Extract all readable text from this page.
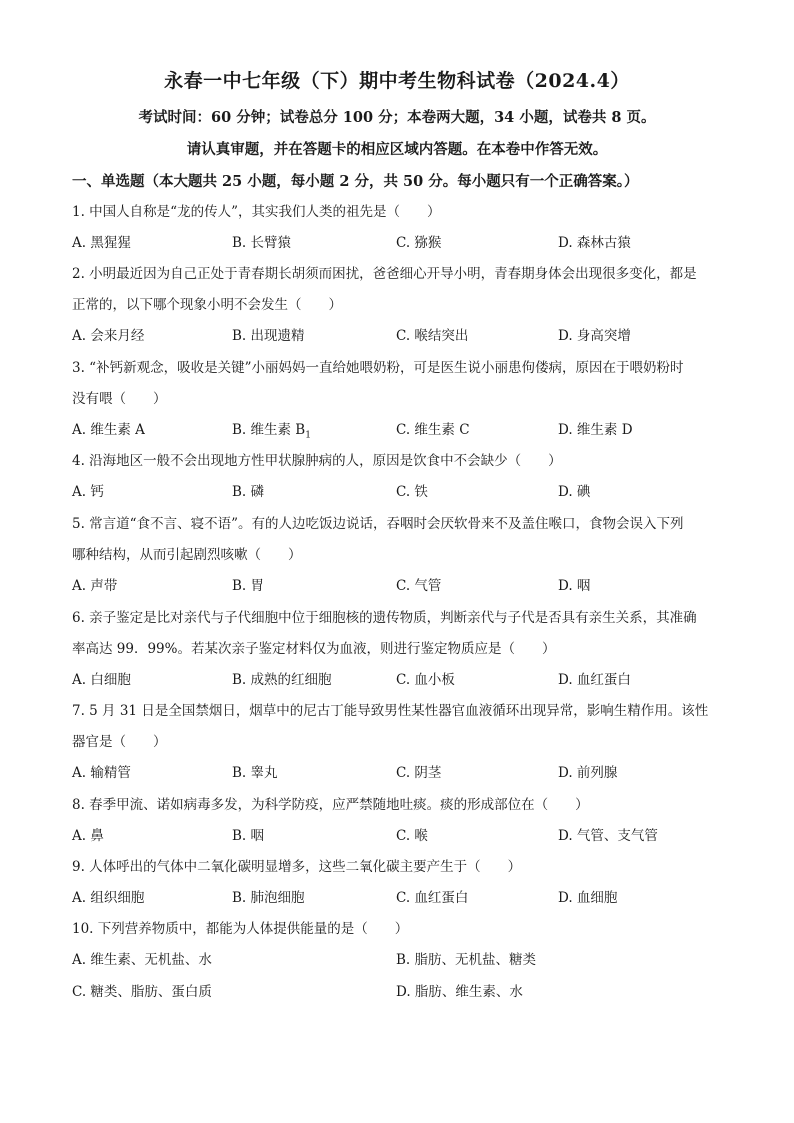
永春一中七年级（下）期中考生物科试卷（2024.4）
考试时间：60 分钟；试卷总分 100 分；本卷两大题，34 小题，试卷共 8 页。
请认真审题，并在答题卡的相应区域内答题。在本卷中作答无效。
一、单选题（本大题共 25 小题，每小题 2 分，共 50 分。每小题只有一个正确答案。）
1. 中国人自称是“龙的传人”，其实我们人类的祖先是（　　）
A. 黑猩猩	B. 长臂猿	C. 猕猴	D. 森林古猿
2. 小明最近因为自己正处于青春期长胡须而困扰，爸爸细心开导小明，青春期身体会出现很多变化，都是
正常的，以下哪个现象小明不会发生（　　）
A. 会来月经	B. 出现遗精	C. 喉结突出	D. 身高突增
3. “补钙新观念，吸收是关键”小丽妈妈一直给她喂奶粉，可是医生说小丽患佝偻病，原因在于喂奶粉时
没有喂（　　）
A. 维生素 A	B. 维生素 $B_1$	C. 维生素 C	D. 维生素 D
4. 沿海地区一般不会出现地方性甲状腺肿病的人，原因是饮食中不会缺少（　　）
A. 钙	B. 磷	C. 铁	D. 碘
5. 常言道“食不言、寝不语”。有的人边吃饭边说话，吞咽时会厌软骨来不及盖住喉口，食物会误入下列
哪种结构，从而引起剧烈咳嗽（　　）
A. 声带	B. 胃	C. 气管	D. 咽
6. 亲子鉴定是比对亲代与子代细胞中位于细胞核的遗传物质，判断亲代与子代是否具有亲生关系，其准确
率高达 99．99%。若某次亲子鉴定材料仅为血液，则进行鉴定物质应是（　　）
A. 白细胞	B. 成熟的红细胞	C. 血小板	D. 血红蛋白
7. 5 月 31 日是全国禁烟日，烟草中的尼古丁能导致男性某性器官血液循环出现异常，影响生精作用。该性
器官是（　　）
A. 输精管	B. 睾丸	C. 阴茎	D. 前列腺
8. 春季甲流、诺如病毒多发，为科学防疫，应严禁随地吐痰。痰的形成部位在（　　）
A. 鼻	B. 咽	C. 喉	D. 气管、支气管
9. 人体呼出的气体中二氧化碳明显增多，这些二氧化碳主要产生于（　　）
A. 组织细胞	B. 肺泡细胞	C. 血红蛋白	D. 血细胞
10. 下列营养物质中，都能为人体提供能量的是（　　）
A. 维生素、无机盐、水	B. 脂肪、无机盐、糖类
C. 糖类、脂肪、蛋白质	D. 脂肪、维生素、水
